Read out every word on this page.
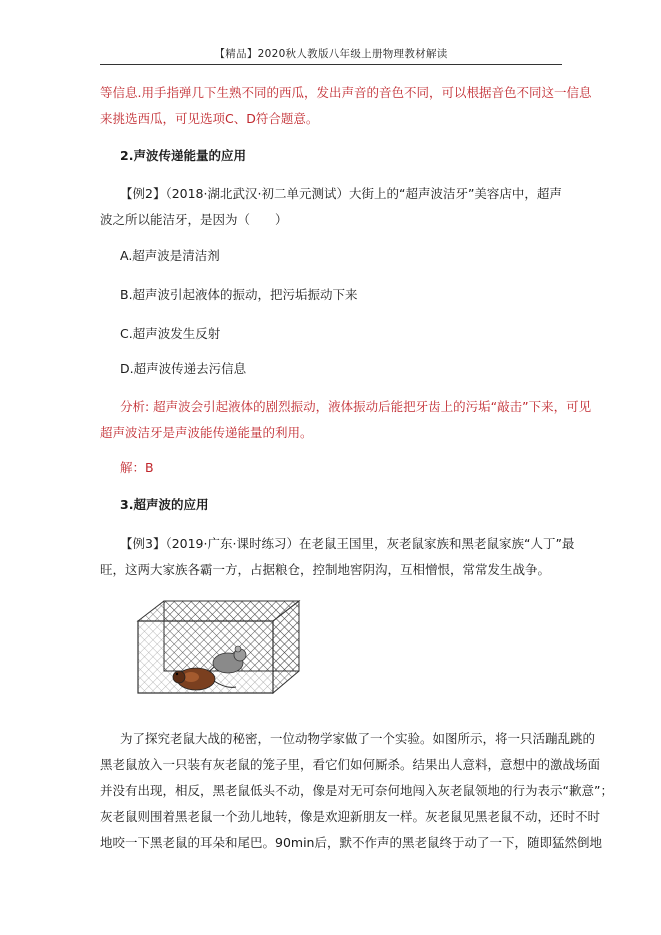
【精品】2020秋人教版八年级上册物理教材解读
等信息.用手指弹几下生熟不同的西瓜，发出声音的音色不同，可以根据音色不同这一信息
来挑选西瓜，可见选项C、D符合题意。
2.声波传递能量的应用
【例2】（2018·湖北武汉·初二单元测试）大街上的“超声波洁牙”美容店中，超声
波之所以能洁牙，是因为（　　）
A.超声波是清洁剂
B.超声波引起液体的振动，把污垢振动下来
C.超声波发生反射
D.超声波传递去污信息
分析: 超声波会引起液体的剧烈振动，液体振动后能把牙齿上的污垢“敲击”下来，可见
超声波洁牙是声波能传递能量的利用。
解：B
3.超声波的应用
【例3】（2019·广东·课时练习）在老鼠王国里，灰老鼠家族和黑老鼠家族“人丁”最
旺，这两大家族各霸一方，占据粮仓，控制地窖阴沟，互相憎恨，常常发生战争。
为了探究老鼠大战的秘密，一位动物学家做了一个实验。如图所示，将一只活蹦乱跳的
黑老鼠放入一只装有灰老鼠的笼子里，看它们如何厮杀。结果出人意料，意想中的激战场面
并没有出现，相反，黑老鼠低头不动，像是对无可奈何地闯入灰老鼠领地的行为表示“歉意”；
灰老鼠则围着黑老鼠一个劲儿地转，像是欢迎新朋友一样。灰老鼠见黑老鼠不动，还时不时
地咬一下黑老鼠的耳朵和尾巴。90min后，默不作声的黑老鼠终于动了一下，随即猛然倒地
